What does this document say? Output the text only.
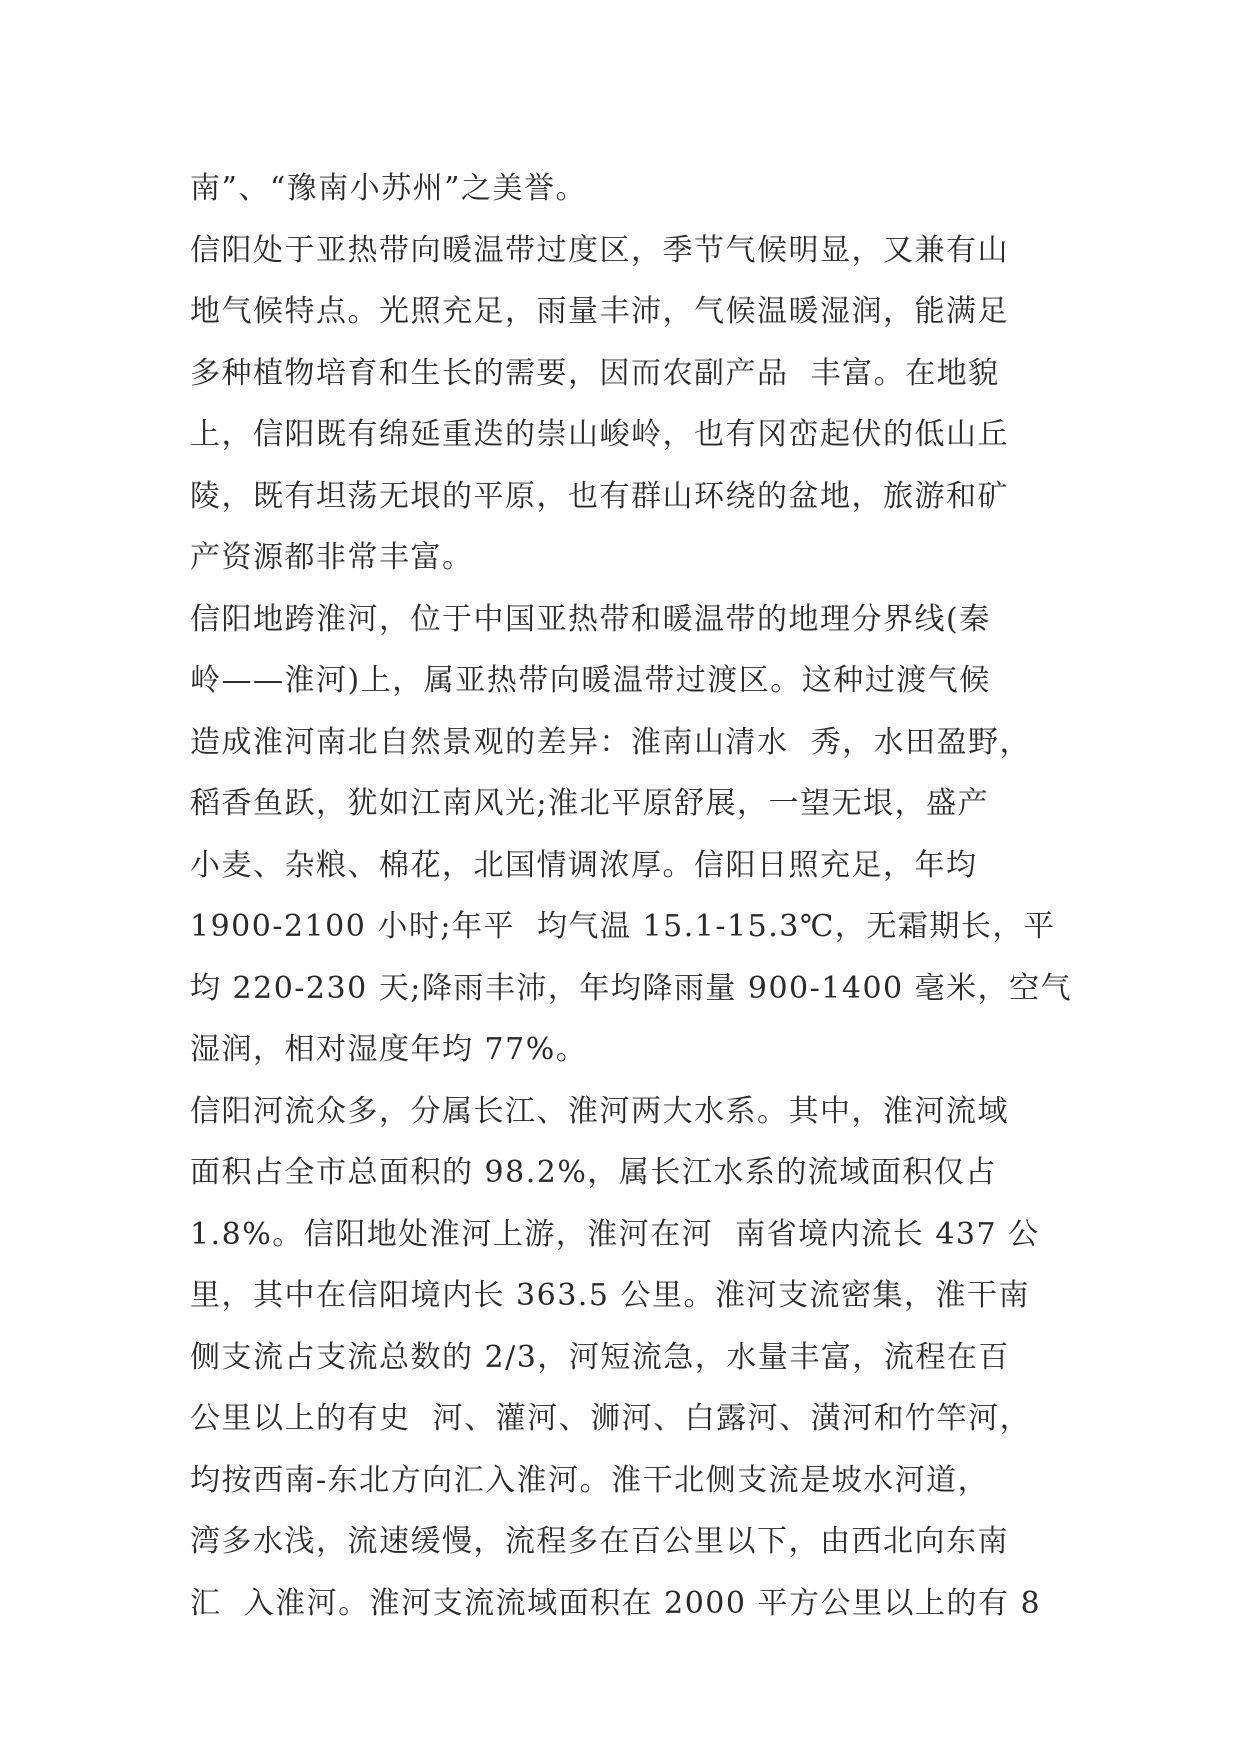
南”、“豫南小苏州”之美誉。
信阳处于亚热带向暖温带过度区，季节气候明显，又兼有山
地气候特点。光照充足，雨量丰沛，气候温暖湿润，能满足
多种植物培育和生长的需要，因而农副产品  丰富。在地貌
上，信阳既有绵延重迭的崇山峻岭，也有冈峦起伏的低山丘
陵，既有坦荡无垠的平原，也有群山环绕的盆地，旅游和矿
产资源都非常丰富。
信阳地跨淮河，位于中国亚热带和暖温带的地理分界线(秦
岭——淮河)上，属亚热带向暖温带过渡区。这种过渡气候
造成淮河南北自然景观的差异：淮南山清水  秀，水田盈野，
稻香鱼跃，犹如江南风光;淮北平原舒展，一望无垠，盛产
小麦、杂粮、棉花，北国情调浓厚。信阳日照充足，年均
1900-2100 小时;年平  均气温 15.1-15.3℃，无霜期长，平
均 220-230 天;降雨丰沛，年均降雨量 900-1400 毫米，空气
湿润，相对湿度年均 77%。
信阳河流众多，分属长江、淮河两大水系。其中，淮河流域
面积占全市总面积的 98.2%，属长江水系的流域面积仅占
1.8%。信阳地处淮河上游，淮河在河  南省境内流长 437 公
里，其中在信阳境内长 363.5 公里。淮河支流密集，淮干南
侧支流占支流总数的 2/3，河短流急，水量丰富，流程在百
公里以上的有史  河、灌河、浉河、白露河、潢河和竹竿河，
均按西南-东北方向汇入淮河。淮干北侧支流是坡水河道，
湾多水浅，流速缓慢，流程多在百公里以下，由西北向东南
汇  入淮河。淮河支流流域面积在 2000 平方公里以上的有 8
